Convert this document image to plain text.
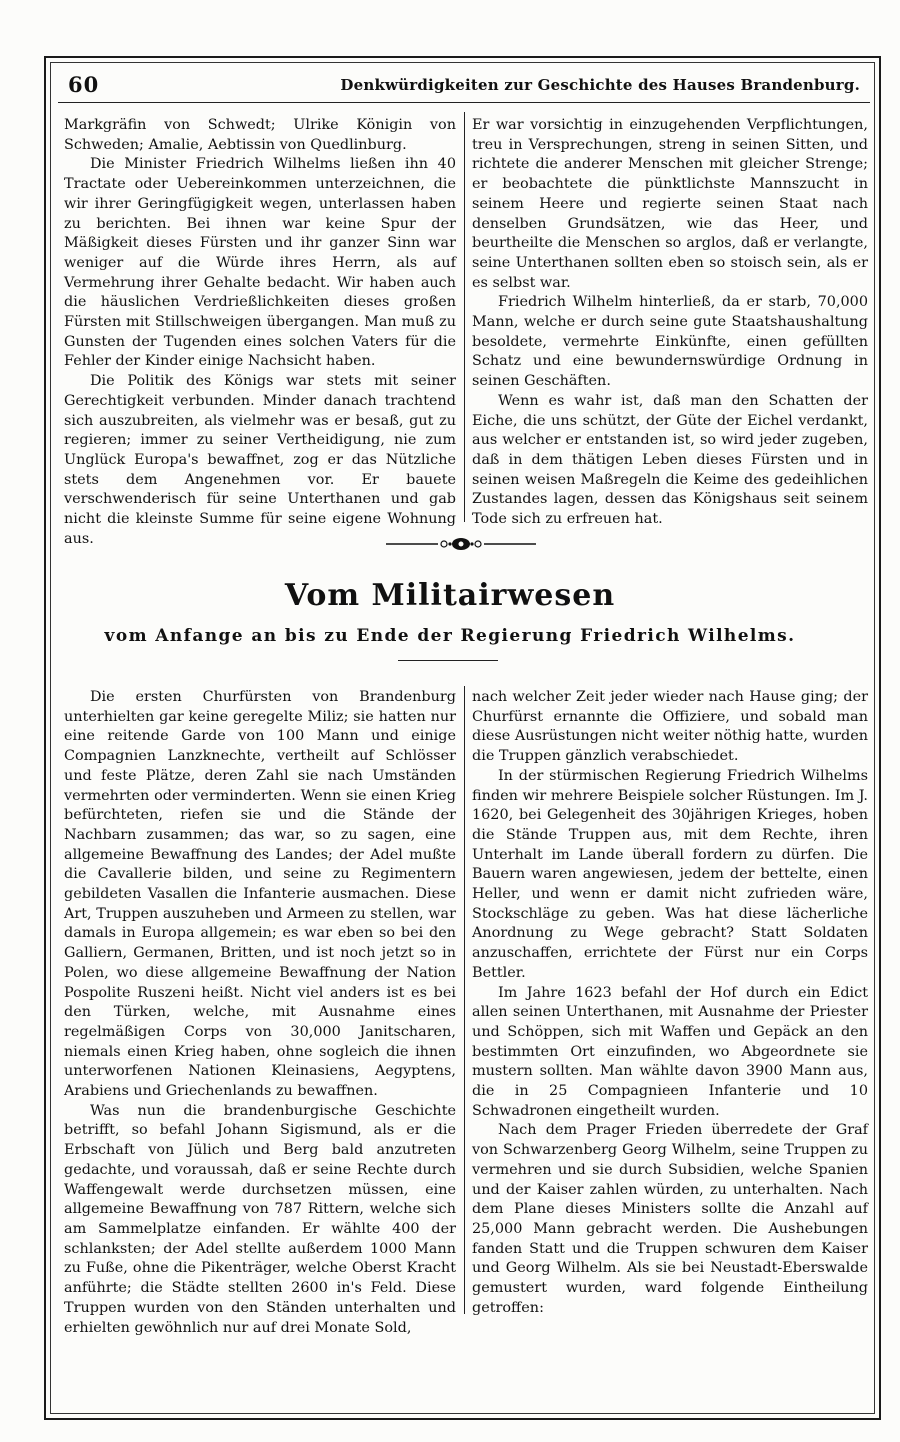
60	Denkwürdigkeiten zur Geschichte des Hauses Brandenburg.

Markgräfin von Schwedt; Ulrike Königin von Schweden; Amalie, Aebtissin von Quedlinburg.

Die Minister Friedrich Wilhelms ließen ihn 40 Tractate oder Uebereinkommen unterzeichnen, die wir ihrer Geringfügigkeit wegen, unterlassen haben zu berichten. Bei ihnen war keine Spur der Mäßigkeit dieses Fürsten und ihr ganzer Sinn war weniger auf die Würde ihres Herrn, als auf Vermehrung ihrer Gehalte bedacht. Wir haben auch die häuslichen Verdrießlichkeiten dieses großen Fürsten mit Stillschweigen übergangen. Man muß zu Gunsten der Tugenden eines solchen Vaters für die Fehler der Kinder einige Nachsicht haben.

Die Politik des Königs war stets mit seiner Gerechtigkeit verbunden. Minder danach trachtend sich auszubreiten, als vielmehr was er besaß, gut zu regieren; immer zu seiner Vertheidigung, nie zum Unglück Europa's bewaffnet, zog er das Nützliche stets dem Angenehmen vor. Er bauete verschwenderisch für seine Unterthanen und gab nicht die kleinste Summe für seine eigene Wohnung aus.

Er war vorsichtig in einzugehenden Verpflichtungen, treu in Versprechungen, streng in seinen Sitten, und richtete die anderer Menschen mit gleicher Strenge; er beobachtete die pünktlichste Mannszucht in seinem Heere und regierte seinen Staat nach denselben Grundsätzen, wie das Heer, und beurtheilte die Menschen so arglos, daß er verlangte, seine Unterthanen sollten eben so stoisch sein, als er es selbst war.

Friedrich Wilhelm hinterließ, da er starb, 70,000 Mann, welche er durch seine gute Staatshaushaltung besoldete, vermehrte Einkünfte, einen gefüllten Schatz und eine bewundernswürdige Ordnung in seinen Geschäften.

Wenn es wahr ist, daß man den Schatten der Eiche, die uns schützt, der Güte der Eichel verdankt, aus welcher er entstanden ist, so wird jeder zugeben, daß in dem thätigen Leben dieses Fürsten und in seinen weisen Maßregeln die Keime des gedeihlichen Zustandes lagen, dessen das Königshaus seit seinem Tode sich zu erfreuen hat.

Vom Militairwesen
vom Anfange an bis zu Ende der Regierung Friedrich Wilhelms.

Die ersten Churfürsten von Brandenburg unterhielten gar keine geregelte Miliz; sie hatten nur eine reitende Garde von 100 Mann und einige Compagnien Lanzknechte, vertheilt auf Schlösser und feste Plätze, deren Zahl sie nach Umständen vermehrten oder verminderten. Wenn sie einen Krieg befürchteten, riefen sie und die Stände der Nachbarn zusammen; das war, so zu sagen, eine allgemeine Bewaffnung des Landes; der Adel mußte die Cavallerie bilden, und seine zu Regimentern gebildeten Vasallen die Infanterie ausmachen. Diese Art, Truppen auszuheben und Armeen zu stellen, war damals in Europa allgemein; es war eben so bei den Galliern, Germanen, Britten, und ist noch jetzt so in Polen, wo diese allgemeine Bewaffnung der Nation Pospolite Ruszeni heißt. Nicht viel anders ist es bei den Türken, welche, mit Ausnahme eines regelmäßigen Corps von 30,000 Janitscharen, niemals einen Krieg haben, ohne sogleich die ihnen unterworfenen Nationen Kleinasiens, Aegyptens, Arabiens und Griechenlands zu bewaffnen.

Was nun die brandenburgische Geschichte betrifft, so befahl Johann Sigismund, als er die Erbschaft von Jülich und Berg bald anzutreten gedachte, und voraussah, daß er seine Rechte durch Waffengewalt werde durchsetzen müssen, eine allgemeine Bewaffnung von 787 Rittern, welche sich am Sammelplatze einfanden. Er wählte 400 der schlanksten; der Adel stellte außerdem 1000 Mann zu Fuße, ohne die Pikenträger, welche Oberst Kracht anführte; die Städte stellten 2600 in's Feld. Diese Truppen wurden von den Ständen unterhalten und erhielten gewöhnlich nur auf drei Monate Sold,

nach welcher Zeit jeder wieder nach Hause ging; der Churfürst ernannte die Offiziere, und sobald man diese Ausrüstungen nicht weiter nöthig hatte, wurden die Truppen gänzlich verabschiedet.

In der stürmischen Regierung Friedrich Wilhelms finden wir mehrere Beispiele solcher Rüstungen. Im J. 1620, bei Gelegenheit des 30jährigen Krieges, hoben die Stände Truppen aus, mit dem Rechte, ihren Unterhalt im Lande überall fordern zu dürfen. Die Bauern waren angewiesen, jedem der bettelte, einen Heller, und wenn er damit nicht zufrieden wäre, Stockschläge zu geben. Was hat diese lächerliche Anordnung zu Wege gebracht? Statt Soldaten anzuschaffen, errichtete der Fürst nur ein Corps Bettler.

Im Jahre 1623 befahl der Hof durch ein Edict allen seinen Unterthanen, mit Ausnahme der Priester und Schöppen, sich mit Waffen und Gepäck an den bestimmten Ort einzufinden, wo Abgeordnete sie mustern sollten. Man wählte davon 3900 Mann aus, die in 25 Compagnieen Infanterie und 10 Schwadronen eingetheilt wurden.

Nach dem Prager Frieden überredete der Graf von Schwarzenberg Georg Wilhelm, seine Truppen zu vermehren und sie durch Subsidien, welche Spanien und der Kaiser zahlen würden, zu unterhalten. Nach dem Plane dieses Ministers sollte die Anzahl auf 25,000 Mann gebracht werden. Die Aushebungen fanden Statt und die Truppen schwuren dem Kaiser und Georg Wilhelm. Als sie bei Neustadt-Eberswalde gemustert wurden, ward folgende Eintheilung getroffen:
